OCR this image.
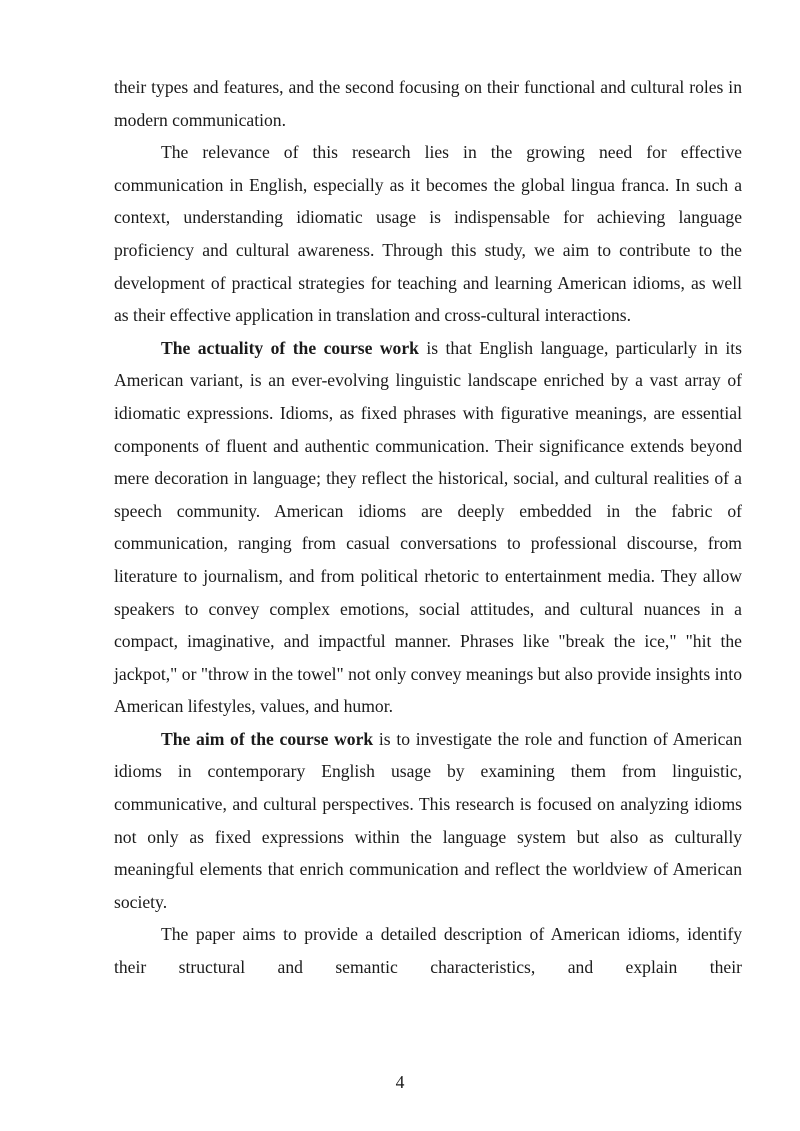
their types and features, and the second focusing on their functional and cultural roles in modern communication.

The relevance of this research lies in the growing need for effective communication in English, especially as it becomes the global lingua franca. In such a context, understanding idiomatic usage is indispensable for achieving language proficiency and cultural awareness. Through this study, we aim to contribute to the development of practical strategies for teaching and learning American idioms, as well as their effective application in translation and cross-cultural interactions.

The actuality of the course work is that English language, particularly in its American variant, is an ever-evolving linguistic landscape enriched by a vast array of idiomatic expressions. Idioms, as fixed phrases with figurative meanings, are essential components of fluent and authentic communication. Their significance extends beyond mere decoration in language; they reflect the historical, social, and cultural realities of a speech community. American idioms are deeply embedded in the fabric of communication, ranging from casual conversations to professional discourse, from literature to journalism, and from political rhetoric to entertainment media. They allow speakers to convey complex emotions, social attitudes, and cultural nuances in a compact, imaginative, and impactful manner. Phrases like "break the ice," "hit the jackpot," or "throw in the towel" not only convey meanings but also provide insights into American lifestyles, values, and humor.

The aim of the course work is to investigate the role and function of American idioms in contemporary English usage by examining them from linguistic, communicative, and cultural perspectives. This research is focused on analyzing idioms not only as fixed expressions within the language system but also as culturally meaningful elements that enrich communication and reflect the worldview of American society.

The paper aims to provide a detailed description of American idioms, identify their structural and semantic characteristics, and explain their

4
